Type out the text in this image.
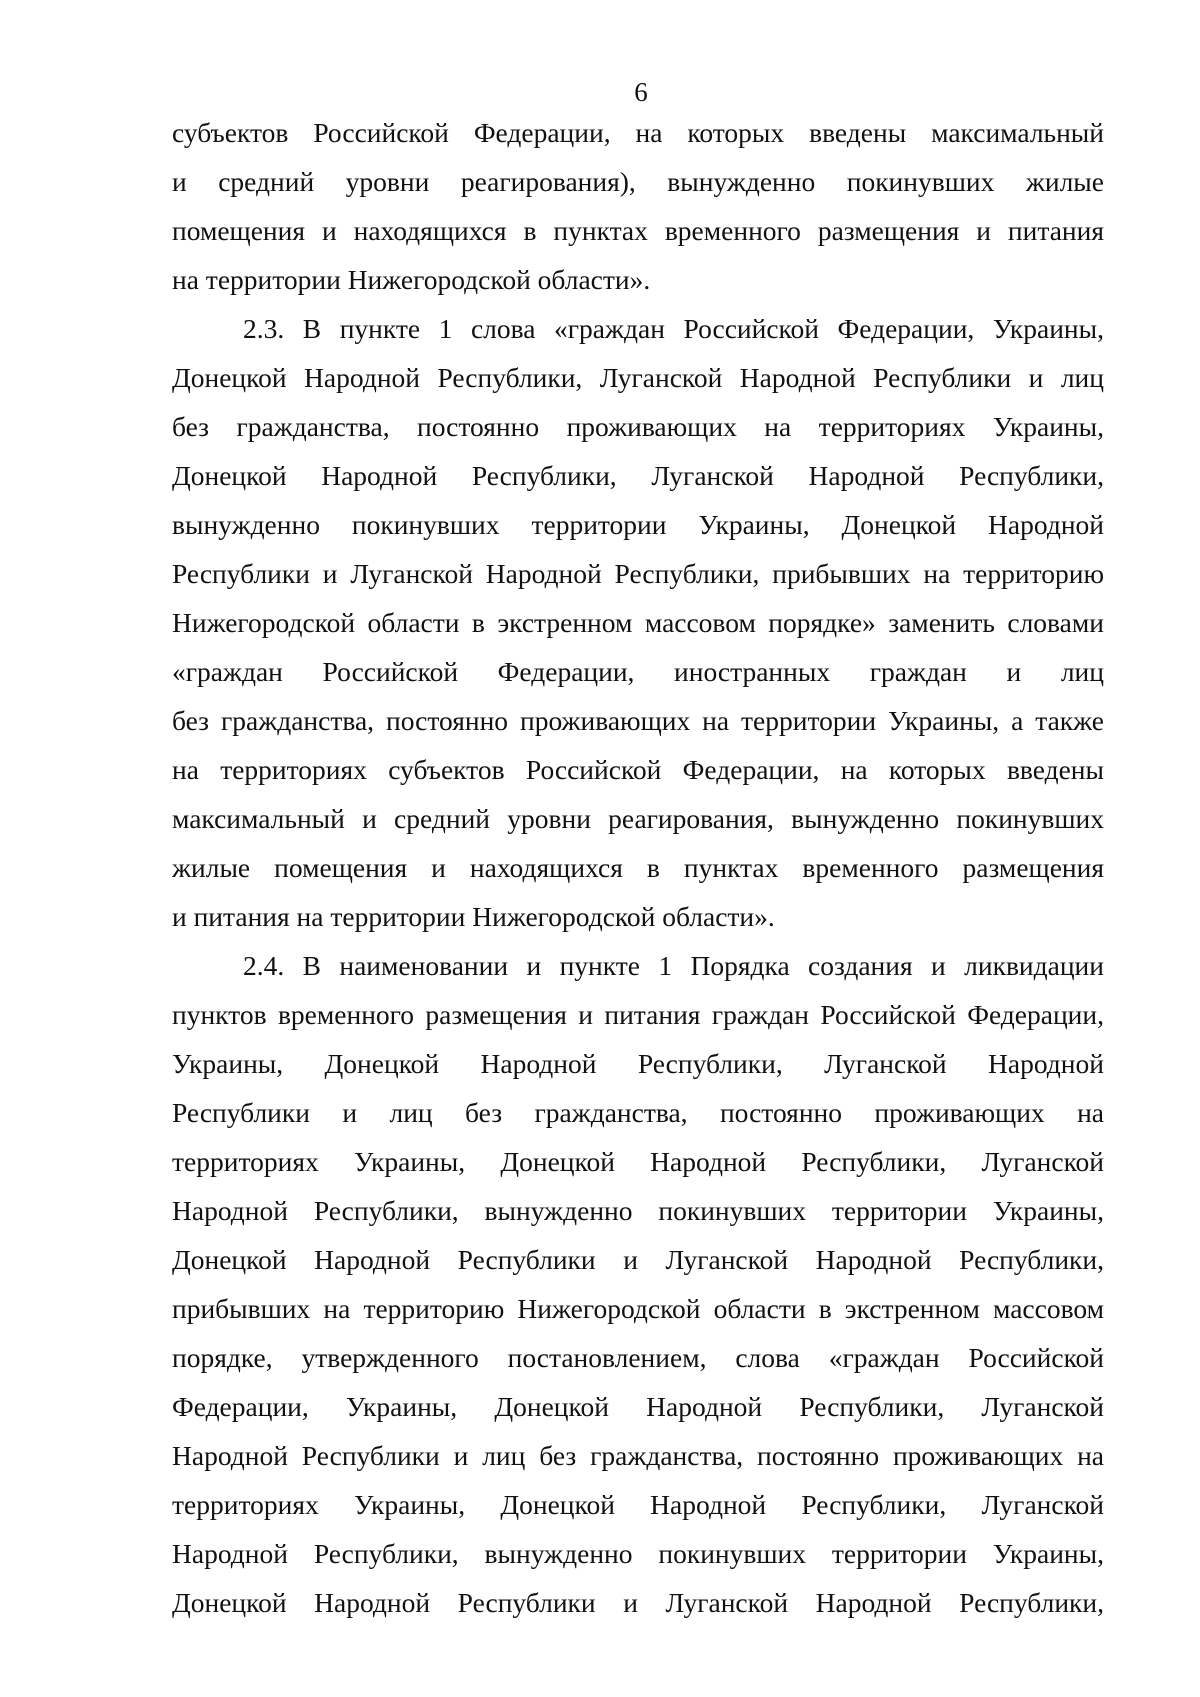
6

субъектов Российской Федерации, на которых введены максимальный
и средний уровни реагирования), вынужденно покинувших жилые
помещения и находящихся в пунктах временного размещения и питания
на территории Нижегородской области».

2.3. В пункте 1 слова «граждан Российской Федерации, Украины,
Донецкой Народной Республики, Луганской Народной Республики и лиц
без гражданства, постоянно проживающих на территориях Украины,
Донецкой Народной Республики, Луганской Народной Республики,
вынужденно покинувших территории Украины, Донецкой Народной
Республики и Луганской Народной Республики, прибывших на территорию
Нижегородской области в экстренном массовом порядке» заменить словами
«граждан Российской Федерации, иностранных граждан и лиц
без гражданства, постоянно проживающих на территории Украины, а также
на территориях субъектов Российской Федерации, на которых введены
максимальный и средний уровни реагирования, вынужденно покинувших
жилые помещения и находящихся в пунктах временного размещения
и питания на территории Нижегородской области».

2.4. В наименовании и пункте 1 Порядка создания и ликвидации
пунктов временного размещения и питания граждан Российской Федерации,
Украины, Донецкой Народной Республики, Луганской Народной
Республики и лиц без гражданства, постоянно проживающих на
территориях Украины, Донецкой Народной Республики, Луганской
Народной Республики, вынужденно покинувших территории Украины,
Донецкой Народной Республики и Луганской Народной Республики,
прибывших на территорию Нижегородской области в экстренном массовом
порядке, утвержденного постановлением, слова «граждан Российской
Федерации, Украины, Донецкой Народной Республики, Луганской
Народной Республики и лиц без гражданства, постоянно проживающих на
территориях Украины, Донецкой Народной Республики, Луганской
Народной Республики, вынужденно покинувших территории Украины,
Донецкой Народной Республики и Луганской Народной Республики,
